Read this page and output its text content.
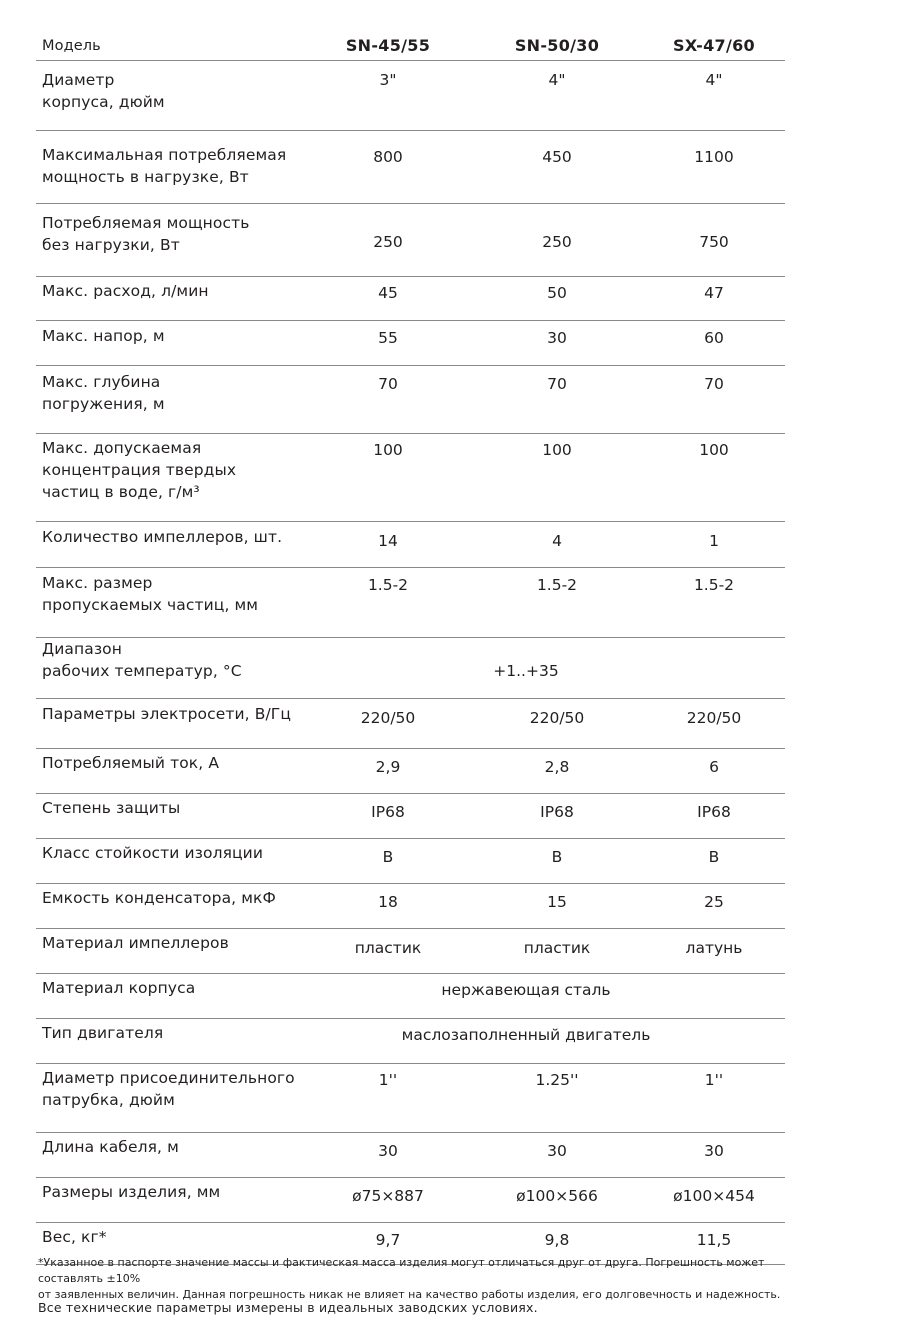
Модель	SN-45/55	SN-50/30	SX-47/60
Диаметр
корпуса, дюйм
3"	4"	4"
Максимальная потребляемая
мощность в нагрузке, Вт
800	450	1100
Потребляемая мощность
без нагрузки, Вт	250	250	750
Макс. расход, л/мин	45	50	47
Макс. напор, м	55	30	60
Макс. глубина
погружения, м
70	70	70
Макс. допускаемая
концентрация твердых
частиц в воде, г/м³
100	100	100
Количество импеллеров, шт.	14	4	1
Макс. размер
пропускаемых частиц, мм
1.5-2	1.5-2	1.5-2
Диапазон
рабочих температур, °С	+1..+35
Параметры электросети, В/Гц	220/50	220/50	220/50
Потребляемый ток, А	2,9	2,8	6
Степень защиты	IP68	IP68	IP68
Класс стойкости изоляции	B	B	B
Емкость конденсатора, мкФ	18	15	25
Материал импеллеров	пластик	пластик	латунь
Материал корпуса	нержавеющая сталь
Тип двигателя	маслозаполненный двигатель
Диаметр присоединительного
патрубка, дюйм
1''	1.25''	1''
Длина кабеля, м	30	30	30
Размеры изделия, мм	ø75×887	ø100×566	ø100×454
Вес, кг*	9,7	9,8	11,5
*Указанное в паспорте значение массы и фактическая масса изделия могут отличаться друг от друга. Погрешность может составлять ±10%
от заявленных величин. Данная погрешность никак не влияет на качество работы изделия, его долговечность и надежность.
Все технические параметры измерены в идеальных заводских условиях.
